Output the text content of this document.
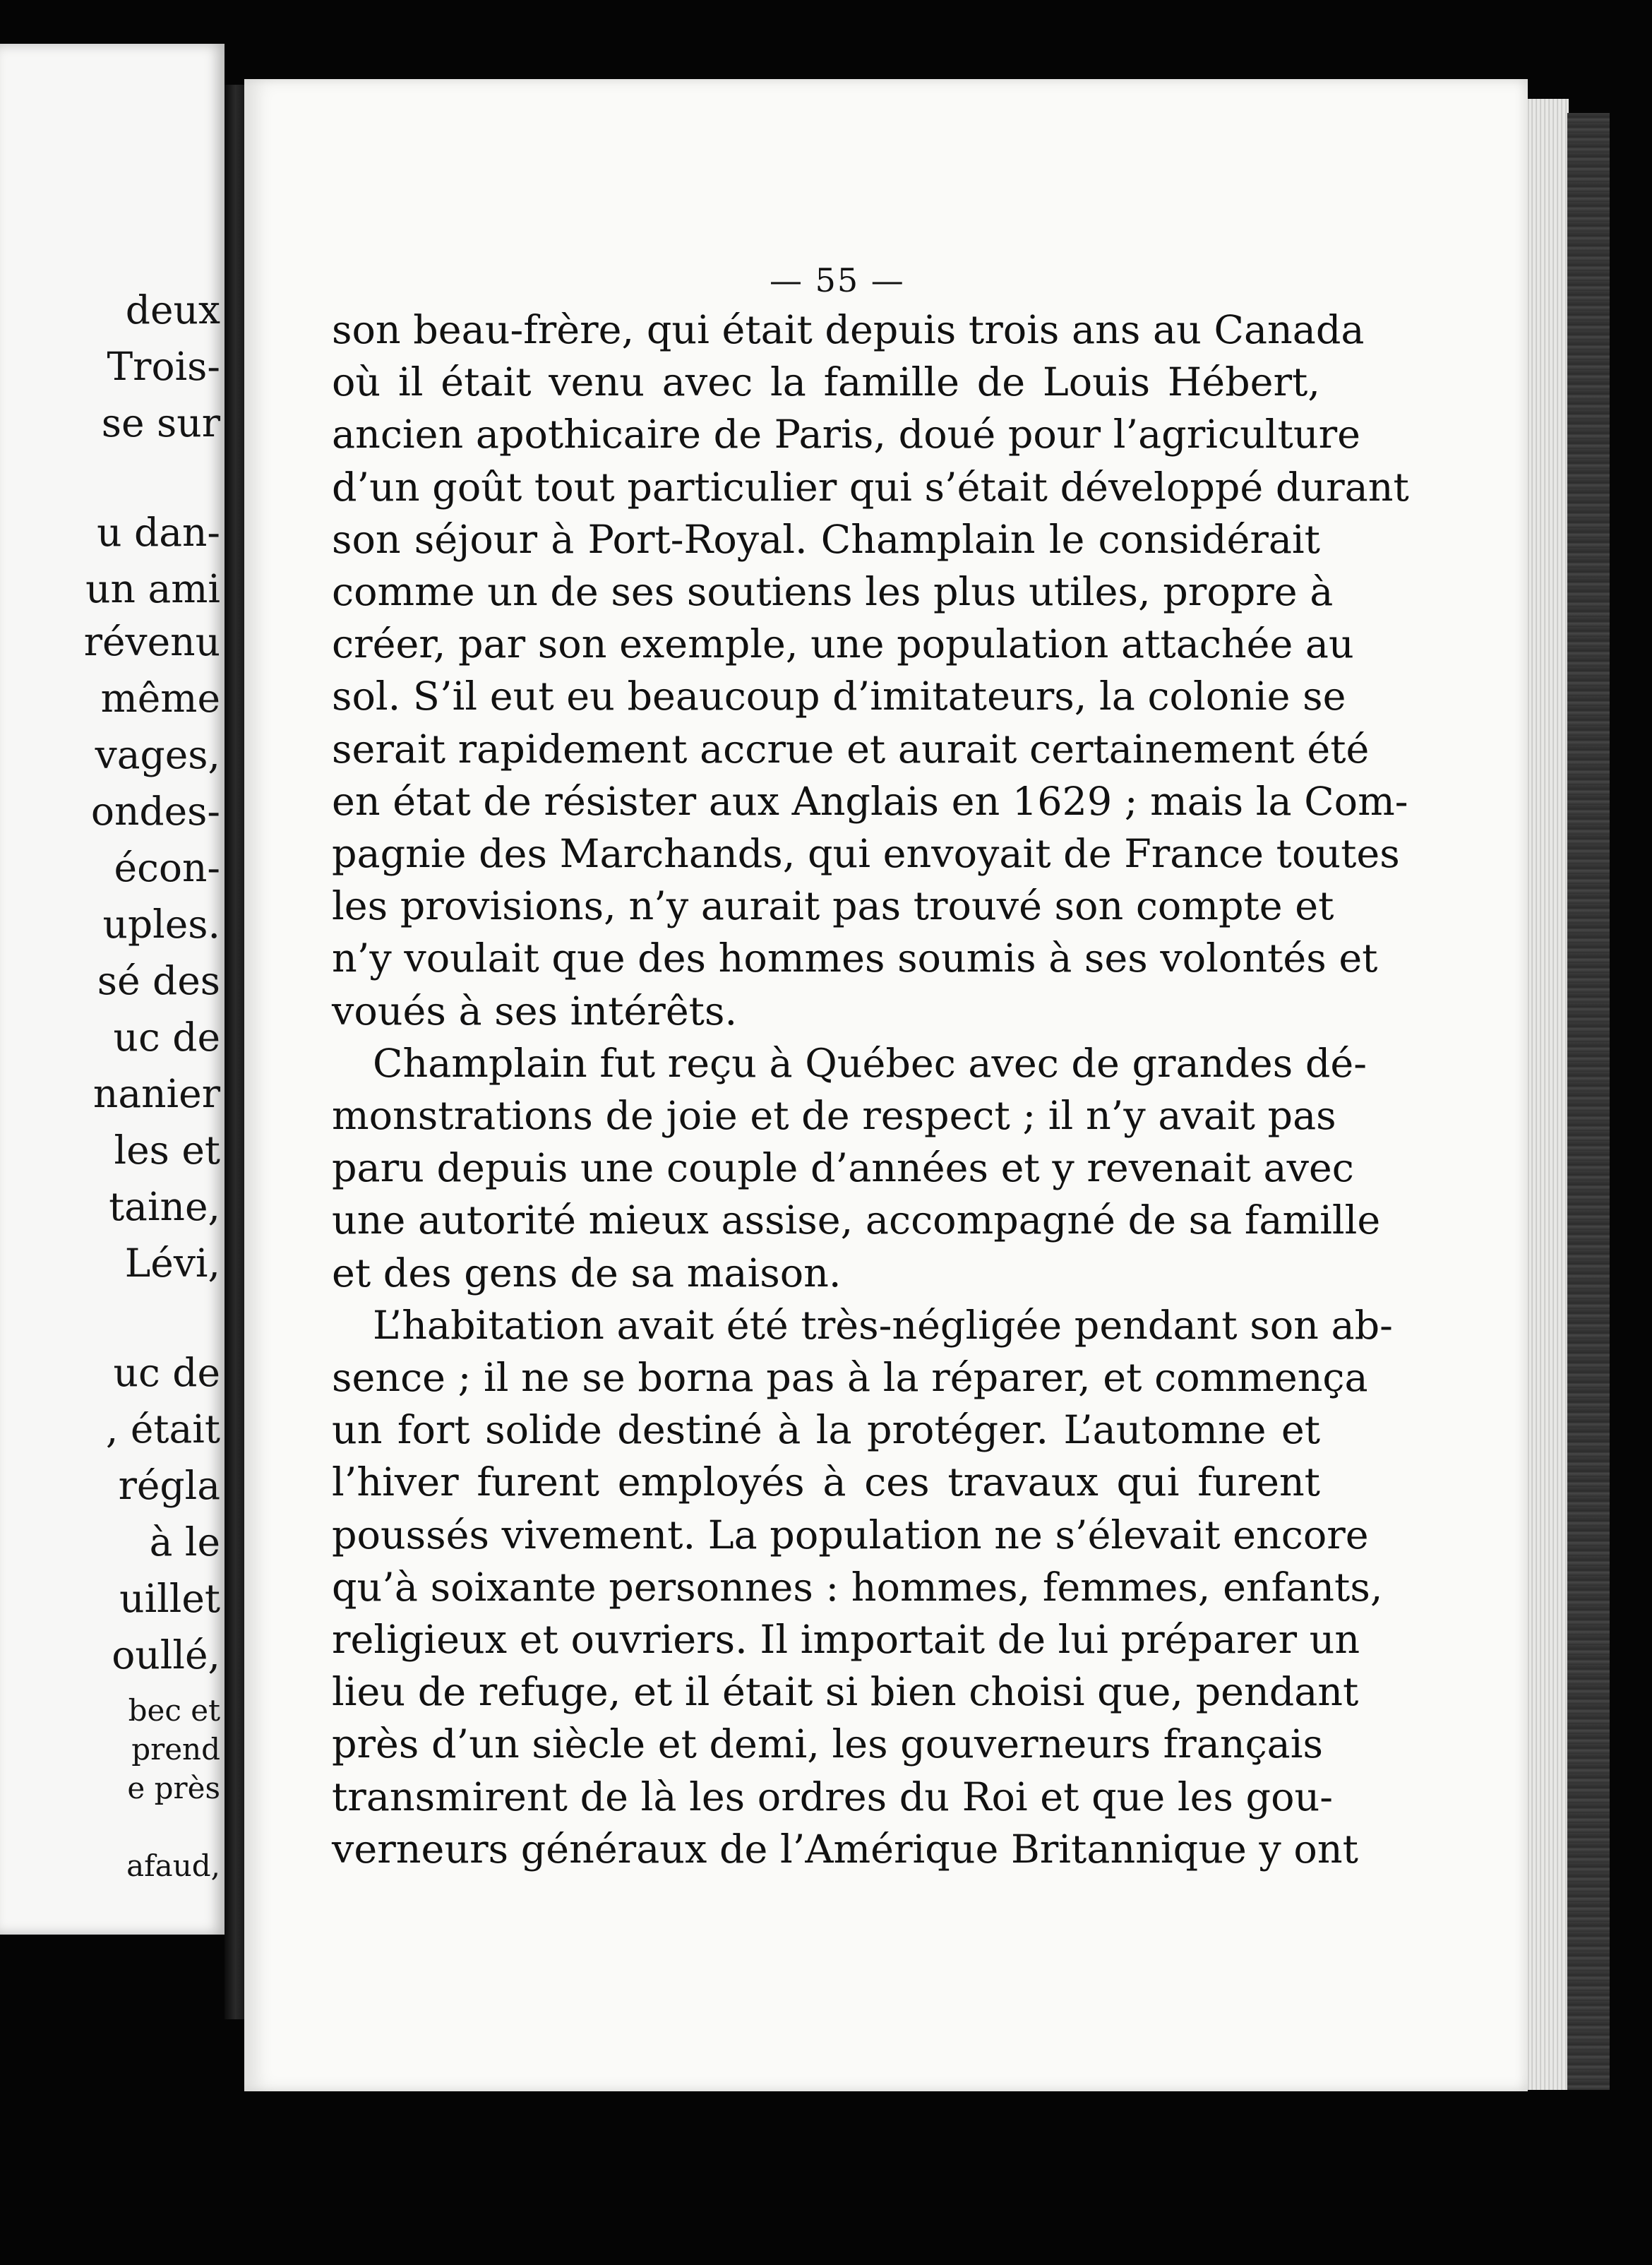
deux
Trois-
se sur
u dan-
un ami
révenu
même
vages,
ondes-
écon-
uples.
sé des
uc de
nanier
les et
taine,
Lévi,
uc de
, était
régla
à le
uillet
oullé,
bec et
prend
e près
afaud,
— 55 —
son beau-frère, qui était depuis trois ans au Canada
où il était venu avec la famille de Louis Hébert,
ancien apothicaire de Paris, doué pour l’agriculture
d’un goût tout particulier qui s’était développé durant
son séjour à Port-Royal. Champlain le considérait
comme un de ses soutiens les plus utiles, propre à
créer, par son exemple, une population attachée au
sol. S’il eut eu beaucoup d’imitateurs, la colonie se
serait rapidement accrue et aurait certainement été
en état de résister aux Anglais en 1629 ; mais la Com-
pagnie des Marchands, qui envoyait de France toutes
les provisions, n’y aurait pas trouvé son compte et
n’y voulait que des hommes soumis à ses volontés et
voués à ses intérêts.
Champlain fut reçu à Québec avec de grandes dé-
monstrations de joie et de respect ; il n’y avait pas
paru depuis une couple d’années et y revenait avec
une autorité mieux assise, accompagné de sa famille
et des gens de sa maison.
L’habitation avait été très-négligée pendant son ab-
sence ; il ne se borna pas à la réparer, et commença
un fort solide destiné à la protéger. L’automne et
l’hiver furent employés à ces travaux qui furent
poussés vivement. La population ne s’élevait encore
qu’à soixante personnes : hommes, femmes, enfants,
religieux et ouvriers. Il importait de lui préparer un
lieu de refuge, et il était si bien choisi que, pendant
près d’un siècle et demi, les gouverneurs français
transmirent de là les ordres du Roi et que les gou-
verneurs généraux de l’Amérique Britannique y ont
